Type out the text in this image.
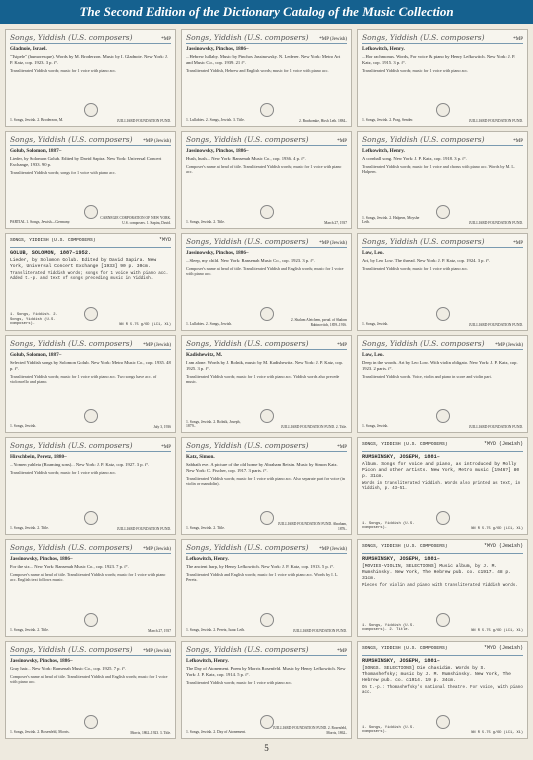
The Second Edition of the Dictionary Catalog of the Music Collection
Songs, Yiddish (U.S. composers)	*MP
Gladnoie, Israel.
"Tsipele" (humoresque). Words by M. Broderzon. Music by I. Gladnoie. New York: J. P. Katz, cop. 1923. 3 p. f°.
Transliterated Yiddish words; music for 1 voice with piano acc.
1. Songs, Jewish. 2. Broderzon, M.	JUILLIARD FOUNDATION FUND.
Songs, Yiddish (U.S. composers) *MP (Jewish)
Jassinowsky, Pinchos, 1886–
...Hebrew lullaby. Music by Pinchos Jassinowsky. N. Lederer. New York: Metro Art and Music Co., cop. 1939. 21 f°.
Transliterated Yiddish, Hebrew and English words; music for 1 voice with piano acc.
1. Lullabies. 2. Songs, Jewish. 3. Title.	2. Bradsomke, Hirsh Leib. 1884–
Songs, Yiddish (U.S. composers)	*MP
Lefkowitch, Henry.
...Hor rachmonus. Words, For voice & piano by Henry Lefkowitch. New York: J. P. Katz, cop. 1915. 3 p. f°.
Transliterated Yiddish words; music for 1 voice with piano acc.
1. Songs, Jewish. 2. Prag, Sender.	JUILLIARD FOUNDATION FUND.
Songs, Yiddish (U.S. composers) *MP (Jewish)
Golub, Solomon, 1887–
Lieder, by Solomon Golub. Edited by David Sapira. New York: Universal Concert Exchange, 1933. 90 p.
Transliterated Yiddish words; songs for 1 voice with piano acc.
PARTIAL 1. Songs, Jewish—Germany.
CARNEGIE CORPORATION OF NEW YORK. U.S. composers. 1. Sapira, David.
Songs, Yiddish (U.S. composers)	*MP
Jassinowsky, Pinchos, 1886–
Hush, hush... New York: Ransenah Music Co., cop. 1936. 4 p. f°.
Composer's name at head of title. Transliterated Yiddish words; music for 1 voice with piano acc.
1. Songs, Jewish. 2. Title.	March 27, 1937
Songs, Yiddish (U.S. composers)	*MP
Lefkowitch, Henry.
A cornball song. New York: J. P. Katz, cop. 1918. 3 p. f°.
Transliterated Yiddish words; music for 1 voice and chorus with piano acc. Words by M. L. Halpern.
1. Songs, Jewish. 2. Halpern, Moyshe Leib.	JUILLIARD FOUNDATION FUND.
SONGS, YIDDISH (U.S. COMPOSERS)	*MYD
GOLUB, SOLOMON, 1887–1952.
Lieder, by Solomon Golub. Edited by David Sapira. New York, Universal Concert Exchange [1933] 90 p. 30cm.
Transliterated Yiddish words; songs for 1 voice with piano acc. Added t.-p. and text of songs preceding music in Yiddish.
1. Songs, Yiddish. 2. Songs, Yiddish (U.S. composers).	NN R 5.75 g/OD (LC1, X1)
Songs, Yiddish (U.S. composers) *MP (Jewish)
Jassinowsky, Pinchos, 1886–
...Sleep, my child. New York: Ransenah Music Co., cop. 1923. 3 p. f°.
Composer's name at head of title. Transliterated Yiddish and English words; music for 1 voice with piano acc.
1. Lullabies. 2. Songs, Jewish.
2. Shalom Aleichem, pseud. of Shalom Rabinovitch, 1859–1916.
Songs, Yiddish (U.S. composers)	*MP
Low, Leo.
Art, by Leo Low. The thread. New York: J. P. Katz, cop. 1924. 3 p. f°.
Transliterated Yiddish words; music for 1 voice with piano acc.
1. Songs, Jewish.	JUILLIARD FOUNDATION FUND.
Songs, Yiddish (U.S. composers) *MP (Jewish)
Golub, Solomon, 1887–
Selected Yiddish songs by Solomon Golub. New York: Metro Music Co., cop. 1935. 48 p. f°.
Transliterated Yiddish words; music for 1 voice with piano acc. Two songs have acc. of violoncello and piano.
1. Songs, Jewish.	July 3, 1936
Songs, Yiddish (U.S. composers)	*MP
Kadishewitz, M.
I am alone. Words by J. Rolnik, music by M. Kadishewitz. New York: J. P. Katz, cop. 1925. 3 p. f°.
Transliterated Yiddish words; music for 1 voice with piano acc. Yiddish words also precede music.
1. Songs, Jewish. 2. Rolnik, Joseph, 1879–	JUILLIARD FOUNDATION FUND. 2. Title.
Songs, Yiddish (U.S. composers) *MP (Jewish)
Low, Leo.
Deep in the woods. Art by Leo Low. With violin obligato. New York: J. P. Katz, cop. 1923. 2 parts. f°.
Transliterated Yiddish words. Voice, violin and piano in score and violin part.
1. Songs, Jewish.	JUILLIARD FOUNDATION FUND.
Songs, Yiddish (U.S. composers)	*MP
Hirschbein, Peretz, 1880–
...Yomen yahleia (Roaming sons)... New York: J. P. Katz, cop. 1927. 3 p. f°.
Transliterated Yiddish words; music for 1 voice with piano acc.
1. Songs, Jewish. 2. Title.	JUILLIARD FOUNDATION FUND.
Songs, Yiddish (U.S. composers)	*MP
Katz, Simon.
Sabbath eve. A picture of the old home by Abraham Reisin. Music by Simon Katz. New York: C. Fischer, cop. 1917. 3 parts. f°.
Transliterated Yiddish words; music for 1 voice with piano acc. Also separate part for voice (in violin or mandolin).
1. Songs, Jewish. 2. Title.
JUILLIARD FOUNDATION FUND. Abraham, 1876–
SONGS, YIDDISH (U.S. COMPOSERS)	*MYD (Jewish)
RUMSHINSKY, JOSEPH, 1881–
Album. Songs for voice and piano, as introduced by Molly Picon and other artists. New York, Metro music [1946?] 80 p. 31cm.
Words in transliterated Yiddish. Words also printed as text, in Yiddish, p. 43–51.
1. Songs, Yiddish (U.S. composers).	NN R 5.75 g/OD (LC1, X1)
Songs, Yiddish (U.S. composers) *MP (Jewish)
Jassinowsky, Pinchos, 1886–
For the six... New York: Ransenah Music Co., cop. 1923. 7 p. f°.
Composer's name at head of title. Transliterated Yiddish words; music for 1 voice with piano acc. English text follows music.
1. Songs, Jewish. 2. Title.	March 27, 1937
Songs, Yiddish (U.S. composers) *MP (Jewish)
Lefkowitch, Henry.
The ancient harp, by Henry Lefkowitch. New York: J. P. Katz, cop. 1913. 5 p. f°.
Transliterated Yiddish and English words; music for 1 voice with piano acc. Words by I. L. Peretz.
1. Songs, Jewish. 2. Peretz, Isaac Leib.	JUILLIARD FOUNDATION FUND.
SONGS, YIDDISH (U.S. COMPOSERS)	*MYD (Jewish)
RUMSHINSKY, JOSEPH, 1881–
[MOVIES-VIOLIN, SELECTIONS] Music album, by J. M. Rumshinsky. New York, The Hebrew pub. co. c1917. 48 p. 31cm.
Pieces for violin and piano with transliterated Yiddish words.
1. Songs, Yiddish (U.S. composers). 2. Title.	NN R 5.75 g/OD (LC1, X1)
Songs, Yiddish (U.S. composers) *MP (Jewish)
Jassinowsky, Pinchos, 1886–
Gray hair... New York: Ransenah Music Co., cop. 1925. 7 p. f°.
Composer's name at head of title. Transliterated Yiddish and English words; music for 1 voice with piano acc.
1. Songs, Jewish. 2. Rosenfeld, Morris.	Morris, 1862–1923. 3. Title.
Songs, Yiddish (U.S. composers)	*MP
Lefkowitch, Henry.
The Day of Atonement. Poem by Morris Rosenfeld. Music by Henry Lefkowitch. New York: J. P. Katz, cop. 1914. 5 p. f°.
Transliterated Yiddish words; music for 1 voice with piano acc.
1. Songs, Jewish. 2. Day of Atonement.
JUILLIARD FOUNDATION FUND. 2. Rosenfeld, Morris, 1862–
SONGS, YIDDISH (U.S. COMPOSERS)	*MYD (Jewish)
RUMSHINSKY, JOSEPH, 1881–
[SONGS. SELECTIONS] Die chasidim. Words by S. Thomashefsky; music by J. M. Rumshinsky. New York, The Hebrew pub. co. c1914. 19 p. 34cm.
On t.-p.: Thomashefsky's national theatre. For voice, with piano acc.
1. Songs, Yiddish (U.S. composers).	NN R 5.75 g/OD (LC1, X1)
5
